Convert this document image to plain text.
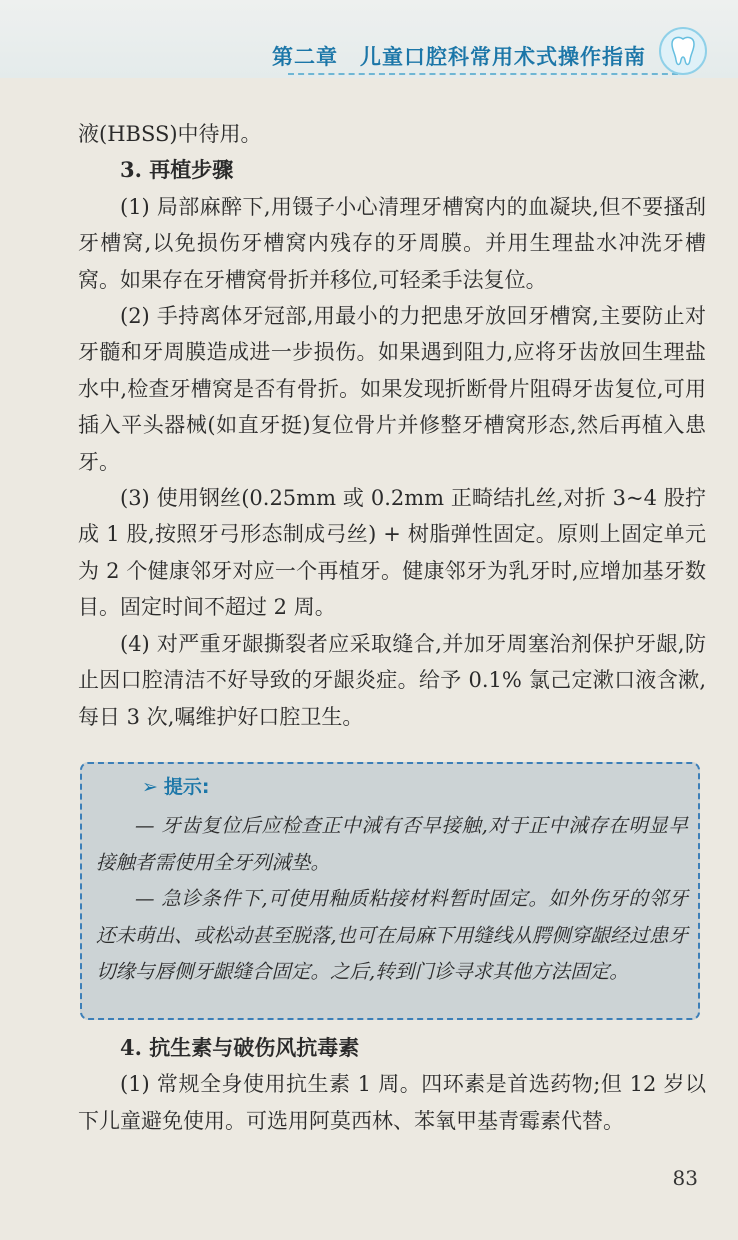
第二章　儿童口腔科常用术式操作指南

液(HBSS)中待用。

3. 再植步骤

(1) 局部麻醉下,用镊子小心清理牙槽窝内的血凝块,但不要搔刮牙槽窝,以免损伤牙槽窝内残存的牙周膜。并用生理盐水冲洗牙槽窝。如果存在牙槽窝骨折并移位,可轻柔手法复位。

(2) 手持离体牙冠部,用最小的力把患牙放回牙槽窝,主要防止对牙髓和牙周膜造成进一步损伤。如果遇到阻力,应将牙齿放回生理盐水中,检查牙槽窝是否有骨折。如果发现折断骨片阻碍牙齿复位,可用插入平头器械(如直牙挺)复位骨片并修整牙槽窝形态,然后再植入患牙。

(3) 使用钢丝(0.25mm 或 0.2mm 正畸结扎丝,对折 3~4 股拧成 1 股,按照牙弓形态制成弓丝) + 树脂弹性固定。原则上固定单元为 2 个健康邻牙对应一个再植牙。健康邻牙为乳牙时,应增加基牙数目。固定时间不超过 2 周。

(4) 对严重牙龈撕裂者应采取缝合,并加牙周塞治剂保护牙龈,防止因口腔清洁不好导致的牙龈炎症。给予 0.1% 氯己定漱口液含漱,每日 3 次,嘱维护好口腔卫生。

➢ 提示:

— 牙齿复位后应检查正中㳦有否早接触,对于正中㳦存在明显早接触者需使用全牙列㳦垫。

— 急诊条件下,可使用釉质粘接材料暂时固定。如外伤牙的邻牙还未萌出、或松动甚至脱落,也可在局麻下用缝线从腭侧穿龈经过患牙切缘与唇侧牙龈缝合固定。之后,转到门诊寻求其他方法固定。

4. 抗生素与破伤风抗毒素

(1) 常规全身使用抗生素 1 周。四环素是首选药物;但 12 岁以下儿童避免使用。可选用阿莫西林、苯氧甲基青霉素代替。

83
